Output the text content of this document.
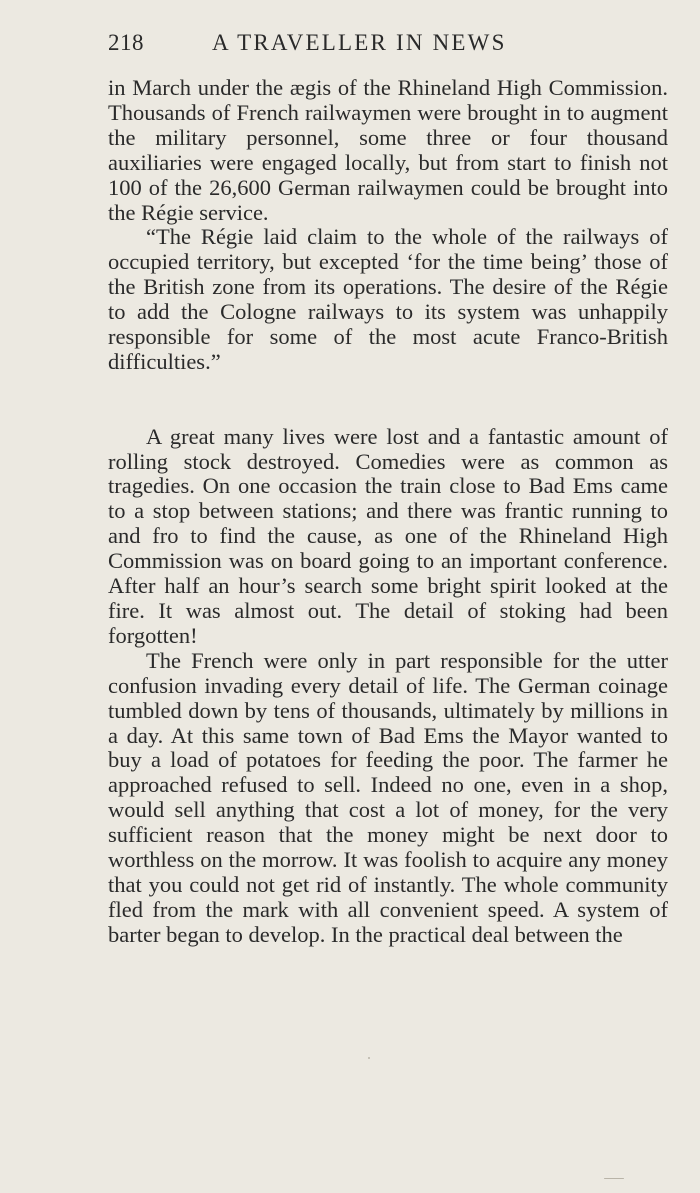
218	A TRAVELLER IN NEWS

in March under the ægis of the Rhineland High Commission. Thousands of French railwaymen were brought in to augment the military personnel, some three or four thousand auxiliaries were engaged locally, but from start to finish not 100 of the 26,600 German railwaymen could be brought into the Régie service.

“The Régie laid claim to the whole of the railways of occupied territory, but excepted ‘for the time being’ those of the British zone from its operations. The desire of the Régie to add the Cologne railways to its system was unhappily responsible for some of the most acute Franco-British difficulties.”

A great many lives were lost and a fantastic amount of rolling stock destroyed. Comedies were as common as tragedies. On one occasion the train close to Bad Ems came to a stop between stations; and there was frantic running to and fro to find the cause, as one of the Rhineland High Commission was on board going to an important conference. After half an hour’s search some bright spirit looked at the fire. It was almost out. The detail of stoking had been forgotten!

The French were only in part responsible for the utter confusion invading every detail of life. The German coinage tumbled down by tens of thousands, ultimately by millions in a day. At this same town of Bad Ems the Mayor wanted to buy a load of potatoes for feeding the poor. The farmer he approached refused to sell. Indeed no one, even in a shop, would sell anything that cost a lot of money, for the very sufficient reason that the money might be next door to worthless on the morrow. It was foolish to acquire any money that you could not get rid of instantly. The whole community fled from the mark with all convenient speed. A system of barter began to develop. In the practical deal between the
